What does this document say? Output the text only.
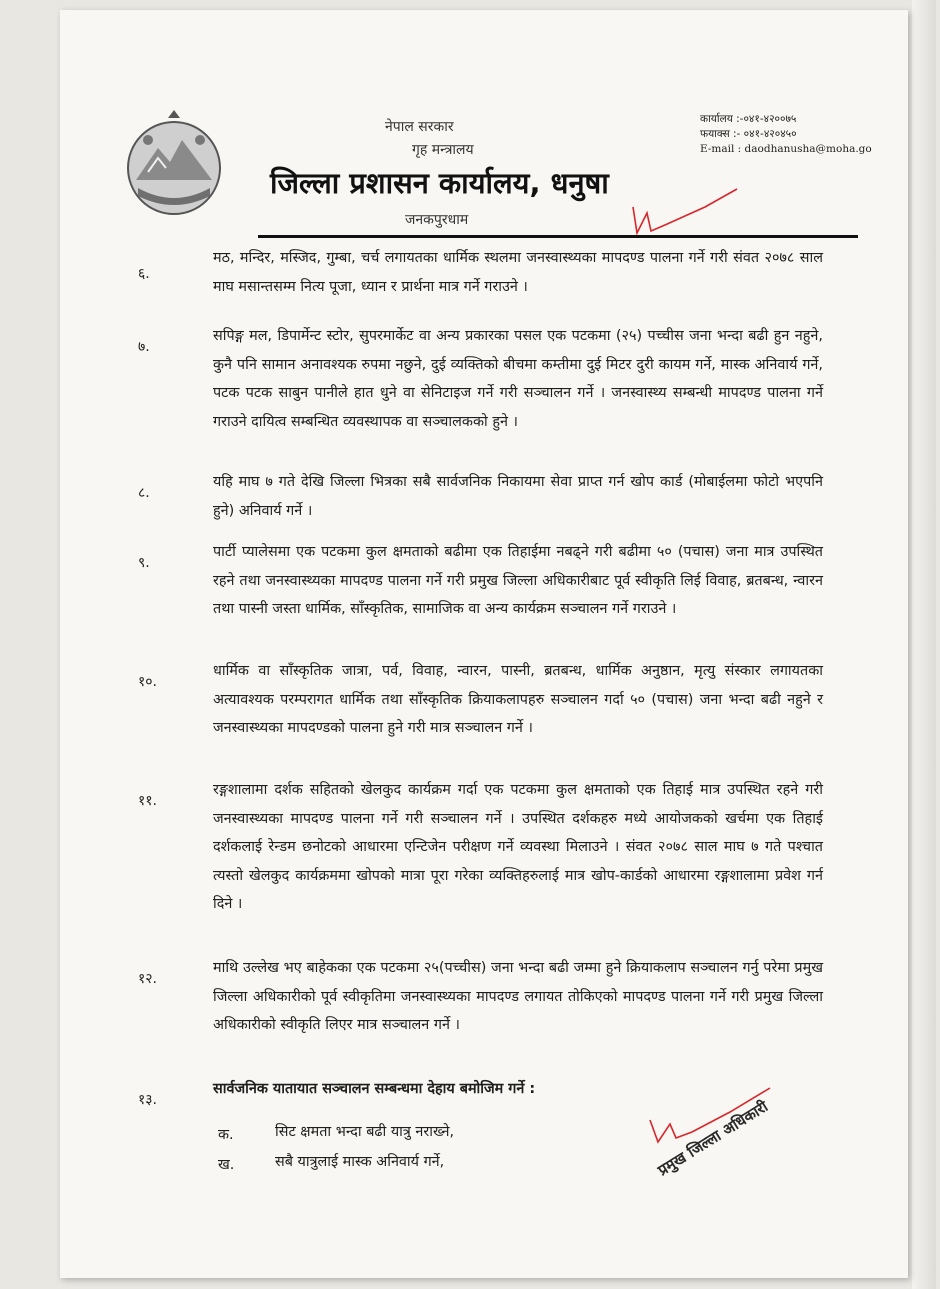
नेपाल सरकार
गृह मन्त्रालय
जिल्ला प्रशासन कार्यालय, धनुषा
जनकपुरधाम
कार्यालय :-०४१-४२००७५
फयाक्स :- ०४१-४२०४५०
E-mail : daodhanusha@moha.go
६.
मठ, मन्दिर, मस्जिद, गुम्बा, चर्च लगायतका धार्मिक स्थलमा जनस्वास्थ्यका मापदण्ड पालना गर्ने गरी संवत २०७८ साल माघ मसान्तसम्म नित्य पूजा, ध्यान र प्रार्थना मात्र गर्ने गराउने ।
७.
सपिङ्ग मल, डिपार्मेन्ट स्टोर, सुपरमार्केट वा अन्य प्रकारका पसल एक पटकमा (२५) पच्चीस जना भन्दा बढी हुन नहुने, कुनै पनि सामान अनावश्यक रुपमा नछुने, दुई व्यक्तिको बीचमा कम्तीमा दुई मिटर दुरी कायम गर्ने, मास्क अनिवार्य गर्ने, पटक पटक साबुन पानीले हात धुने वा सेनिटाइज गर्ने गरी सञ्चालन गर्ने । जनस्वास्थ्य सम्बन्धी मापदण्ड पालना गर्ने गराउने दायित्व सम्बन्धित व्यवस्थापक वा सञ्चालकको हुने ।
८.
यहि माघ ७ गते देखि जिल्ला भित्रका सबै सार्वजनिक निकायमा सेवा प्राप्त गर्न खोप कार्ड (मोबाईलमा फोटो भएपनि हुने) अनिवार्य गर्ने ।
९.
पार्टी प्यालेसमा एक पटकमा कुल क्षमताको बढीमा एक तिहाईमा नबढ्ने गरी बढीमा ५० (पचास) जना मात्र उपस्थित रहने तथा जनस्वास्थ्यका मापदण्ड पालना गर्ने गरी प्रमुख जिल्ला अधिकारीबाट पूर्व स्वीकृति लिई विवाह, ब्रतबन्ध, न्वारन तथा पास्नी जस्ता धार्मिक, साँस्कृतिक, सामाजिक वा अन्य कार्यक्रम सञ्चालन गर्ने गराउने ।
१०.
धार्मिक वा साँस्कृतिक जात्रा, पर्व, विवाह, न्वारन, पास्नी, ब्रतबन्ध, धार्मिक अनुष्ठान, मृत्यु संस्कार लगायतका अत्यावश्यक परम्परागत धार्मिक तथा साँस्कृतिक क्रियाकलापहरु सञ्चालन गर्दा ५० (पचास) जना भन्दा बढी नहुने र जनस्वास्थ्यका मापदण्डको पालना हुने गरी मात्र सञ्चालन गर्ने ।
११.
रङ्गशालामा दर्शक सहितको खेलकुद कार्यक्रम गर्दा एक पटकमा कुल क्षमताको एक तिहाई मात्र उपस्थित रहने गरी जनस्वास्थ्यका मापदण्ड पालना गर्ने गरी सञ्चालन गर्ने । उपस्थित दर्शकहरु मध्ये आयोजकको खर्चमा एक तिहाई दर्शकलाई रेन्डम छनोटको आधारमा एन्टिजेन परीक्षण गर्ने व्यवस्था मिलाउने । संवत २०७८ साल माघ ७ गते पश्चात त्यस्तो खेलकुद कार्यक्रममा खोपको मात्रा पूरा गरेका व्यक्तिहरुलाई मात्र खोप-कार्डको आधारमा रङ्गशालामा प्रवेश गर्न दिने ।
१२.
माथि उल्लेख भए बाहेकका एक पटकमा २५(पच्चीस) जना भन्दा बढी जम्मा हुने क्रियाकलाप सञ्चालन गर्नु परेमा प्रमुख जिल्ला अधिकारीको पूर्व स्वीकृतिमा जनस्वास्थ्यका मापदण्ड लगायत तोकिएको मापदण्ड पालना गर्ने गरी प्रमुख जिल्ला अधिकारीको स्वीकृति लिएर मात्र सञ्चालन गर्ने ।
१३.
सार्वजनिक यातायात सञ्चालन सम्बन्धमा देहाय बमोजिम गर्ने :
क.	सिट क्षमता भन्दा बढी यात्रु नराख्ने,
ख.	सबै यात्रुलाई मास्क अनिवार्य गर्ने,	प्रमुख जिल्ला अधिकारी
